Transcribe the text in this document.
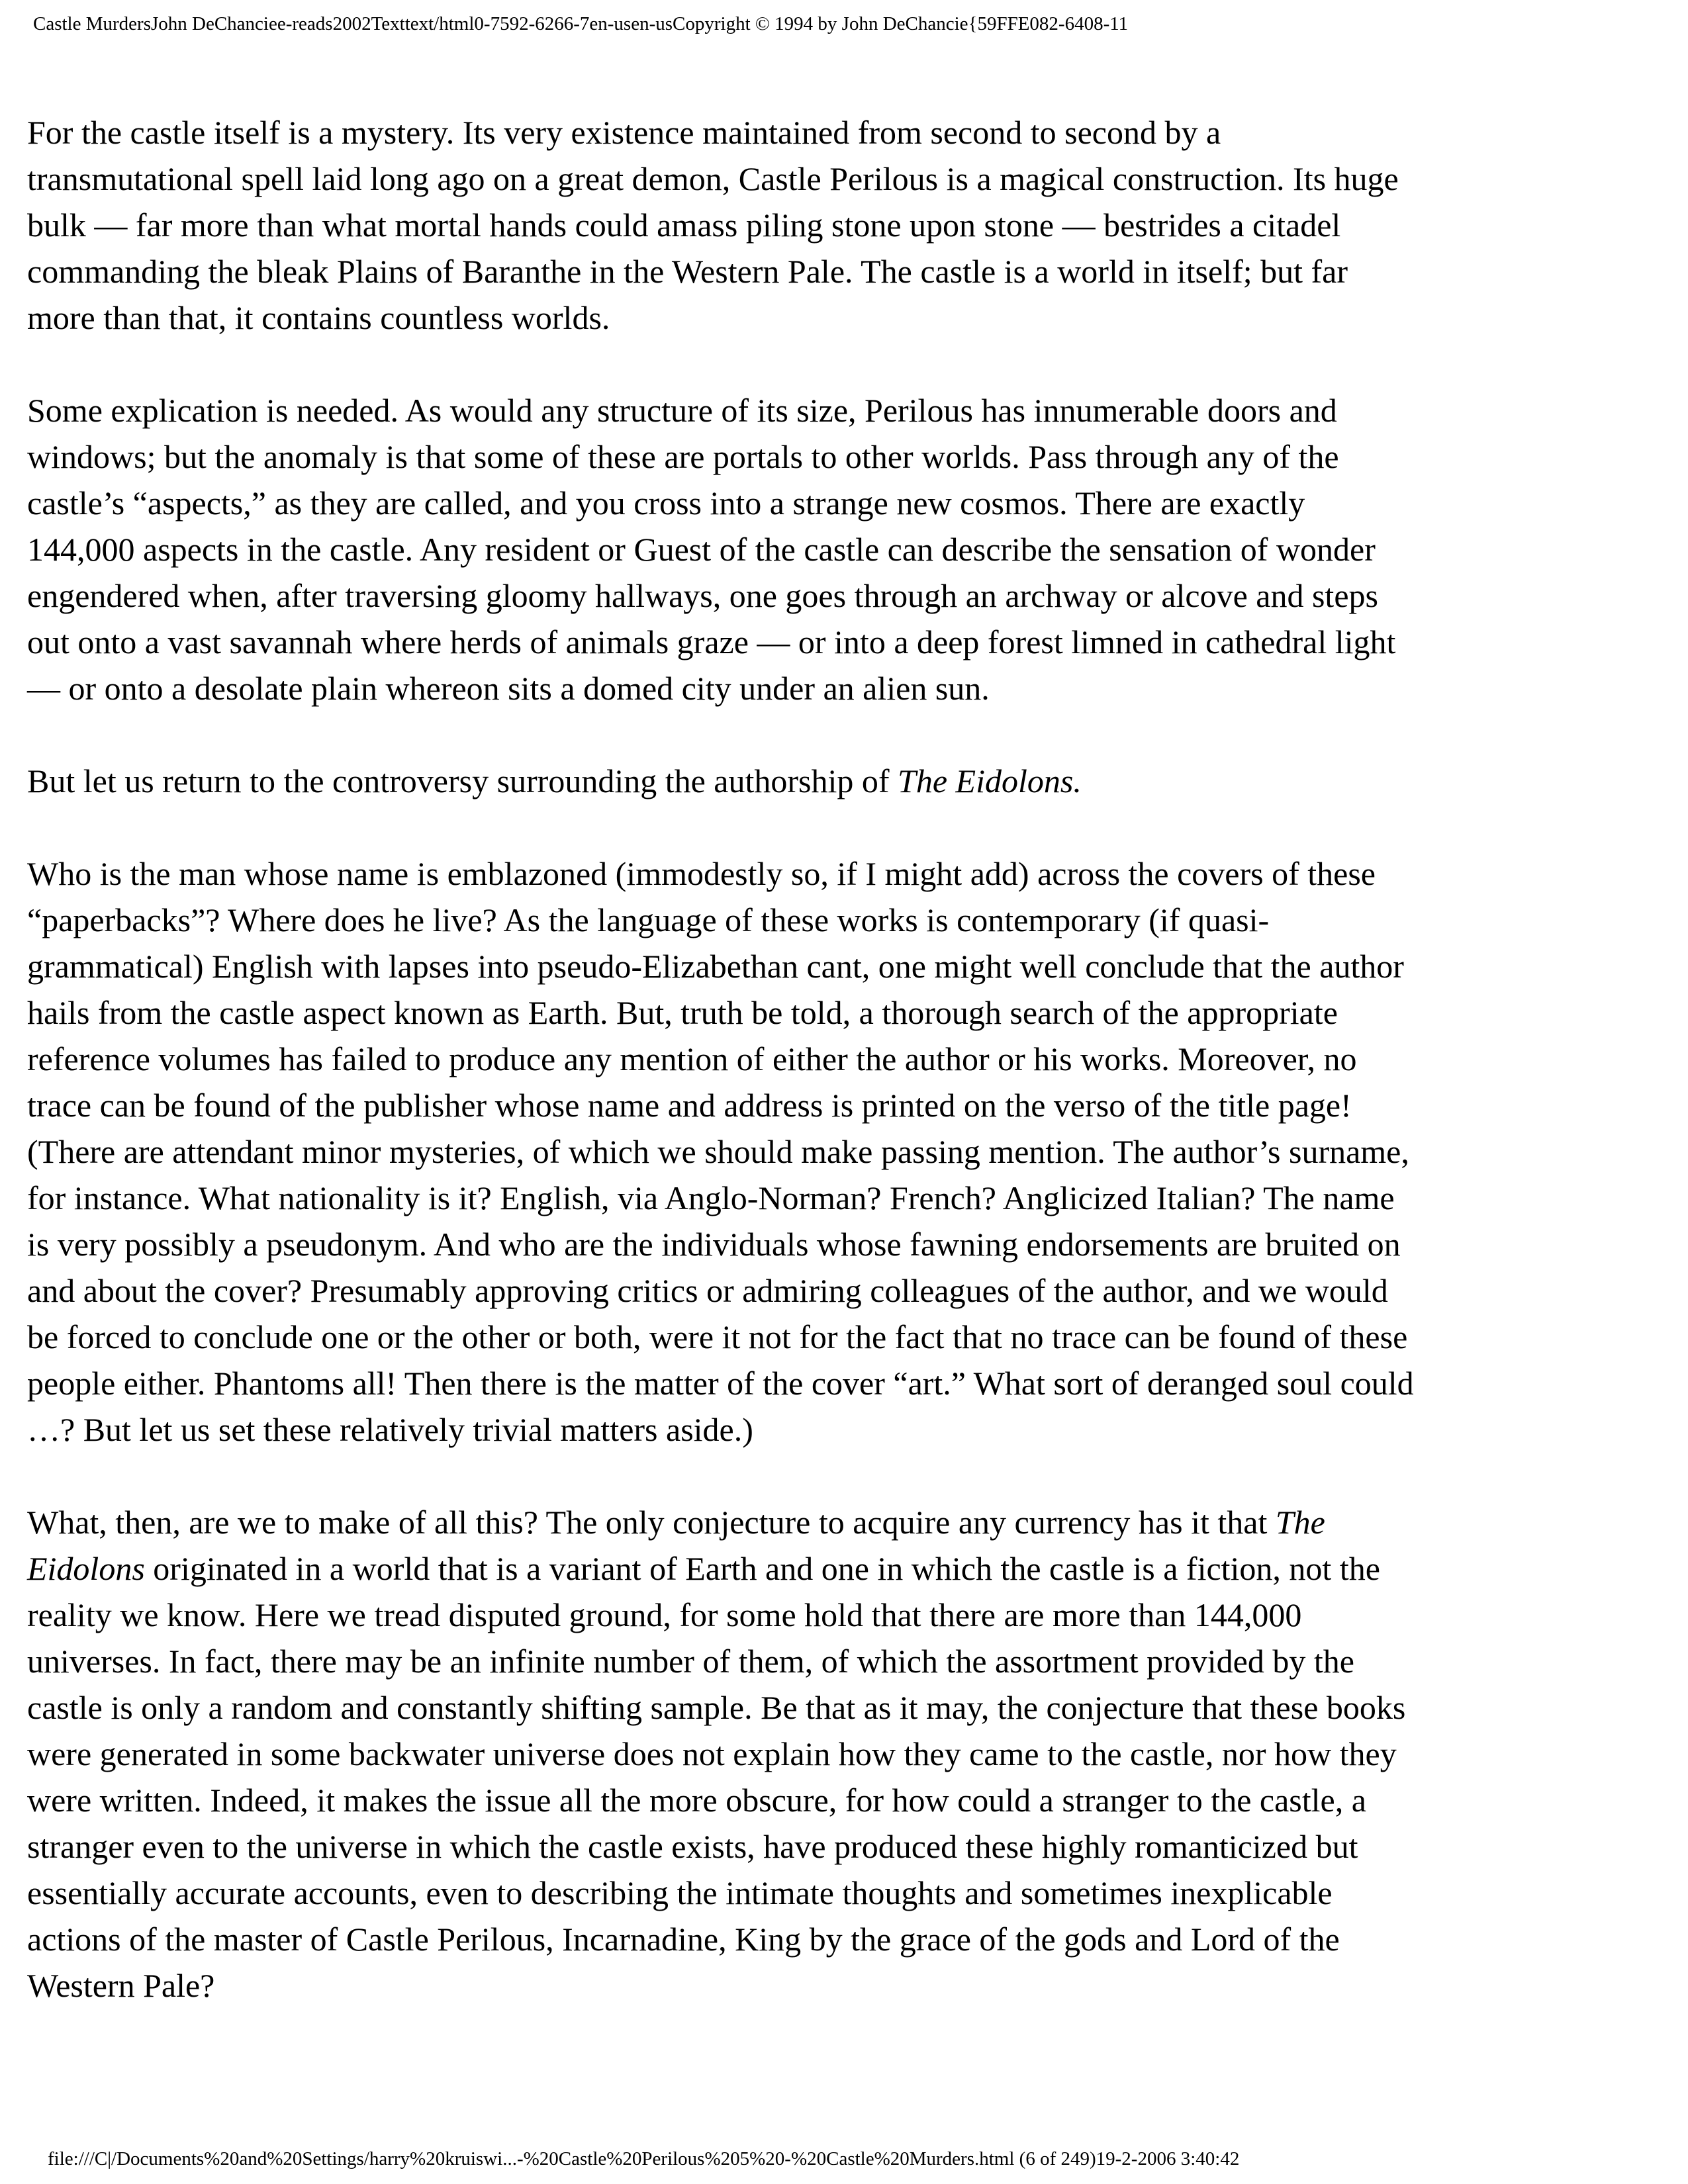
Castle MurdersJohn DeChanciee-reads2002Texttext/html0-7592-6266-7en-usen-usCopyright © 1994 by John DeChancie{59FFE082-6408-11

For the castle itself is a mystery. Its very existence maintained from second to second by a
transmutational spell laid long ago on a great demon, Castle Perilous is a magical construction. Its huge
bulk — far more than what mortal hands could amass piling stone upon stone — bestrides a citadel
commanding the bleak Plains of Baranthe in the Western Pale. The castle is a world in itself; but far
more than that, it contains countless worlds.

Some explication is needed. As would any structure of its size, Perilous has innumerable doors and
windows; but the anomaly is that some of these are portals to other worlds. Pass through any of the
castle’s “aspects,” as they are called, and you cross into a strange new cosmos. There are exactly
144,000 aspects in the castle. Any resident or Guest of the castle can describe the sensation of wonder
engendered when, after traversing gloomy hallways, one goes through an archway or alcove and steps
out onto a vast savannah where herds of animals graze — or into a deep forest limned in cathedral light
— or onto a desolate plain whereon sits a domed city under an alien sun.

But let us return to the controversy surrounding the authorship of The Eidolons.

Who is the man whose name is emblazoned (immodestly so, if I might add) across the covers of these
“paperbacks”? Where does he live? As the language of these works is contemporary (if quasi-
grammatical) English with lapses into pseudo-Elizabethan cant, one might well conclude that the author
hails from the castle aspect known as Earth. But, truth be told, a thorough search of the appropriate
reference volumes has failed to produce any mention of either the author or his works. Moreover, no
trace can be found of the publisher whose name and address is printed on the verso of the title page!
(There are attendant minor mysteries, of which we should make passing mention. The author’s surname,
for instance. What nationality is it? English, via Anglo-Norman? French? Anglicized Italian? The name
is very possibly a pseudonym. And who are the individuals whose fawning endorsements are bruited on
and about the cover? Presumably approving critics or admiring colleagues of the author, and we would
be forced to conclude one or the other or both, were it not for the fact that no trace can be found of these
people either. Phantoms all! Then there is the matter of the cover “art.” What sort of deranged soul could
…? But let us set these relatively trivial matters aside.)

What, then, are we to make of all this? The only conjecture to acquire any currency has it that The
Eidolons originated in a world that is a variant of Earth and one in which the castle is a fiction, not the
reality we know. Here we tread disputed ground, for some hold that there are more than 144,000
universes. In fact, there may be an infinite number of them, of which the assortment provided by the
castle is only a random and constantly shifting sample. Be that as it may, the conjecture that these books
were generated in some backwater universe does not explain how they came to the castle, nor how they
were written. Indeed, it makes the issue all the more obscure, for how could a stranger to the castle, a
stranger even to the universe in which the castle exists, have produced these highly romanticized but
essentially accurate accounts, even to describing the intimate thoughts and sometimes inexplicable
actions of the master of Castle Perilous, Incarnadine, King by the grace of the gods and Lord of the
Western Pale?

file:///C|/Documents%20and%20Settings/harry%20kruiswi...-%20Castle%20Perilous%205%20-%20Castle%20Murders.html (6 of 249)19-2-2006 3:40:42
